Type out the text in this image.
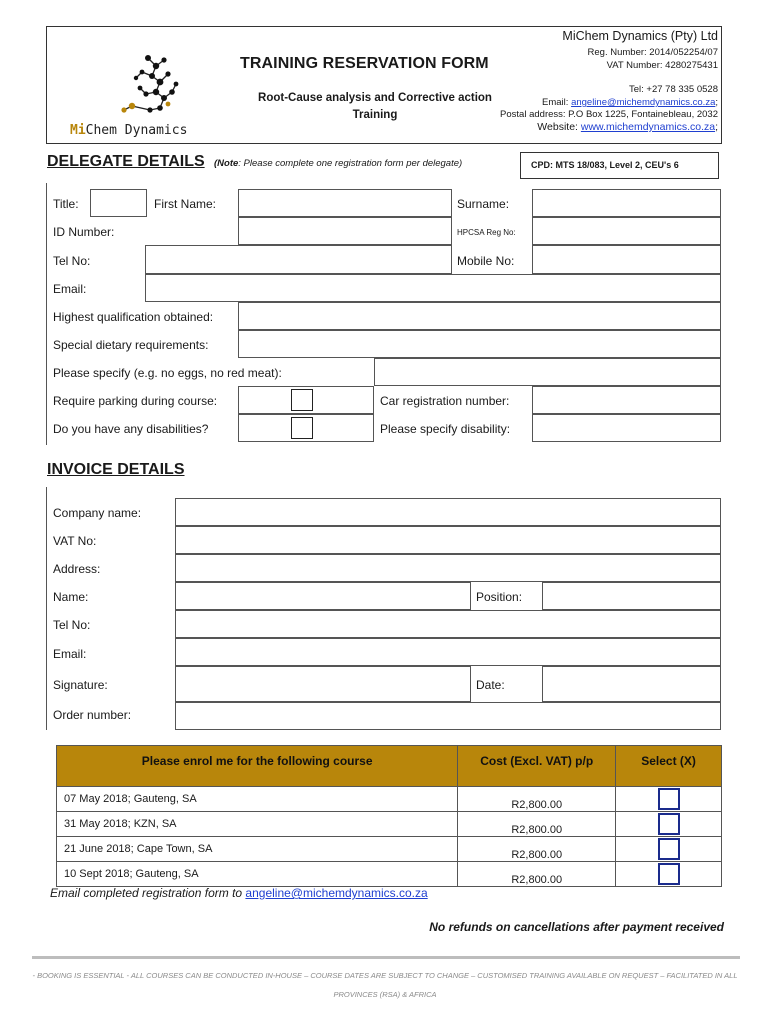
MiChem Dynamics
TRAINING RESERVATION FORM
Root-Cause analysis and Corrective action Training
MiChem Dynamics (Pty) Ltd
Reg. Number: 2014/052254/07
VAT Number: 4280275431
Tel: +27 78 335 0528
Email: angeline@michemdynamics.co.za;
Postal address: P.O Box 1225, Fontainebleau, 2032
Website: www.michemdynamics.co.za;
DELEGATE DETAILS (Note: Please complete one registration form per delegate)	CPD: MTS 18/083, Level 2, CEU's 6
Title:	First Name:	Surname:
ID Number:	HPCSA Reg No:
Tel No:	Mobile No:
Email:
Highest qualification obtained:
Special dietary requirements:
Please specify (e.g. no eggs, no red meat):
Require parking during course:	Car registration number:
Do you have any disabilities?	Please specify disability:
INVOICE DETAILS
Company name:
VAT No:
Address:
Name:	Position:
Tel No:
Email:
Signature:	Date:
Order number:
Please enrol me for the following course	Cost (Excl. VAT) p/p	Select (X)
07 May 2018; Gauteng, SA	R2,800.00	
31 May 2018; KZN, SA	R2,800.00	
21 June 2018; Cape Town, SA	R2,800.00	
10 Sept 2018; Gauteng, SA	R2,800.00	
Email completed registration form to angeline@michemdynamics.co.za
No refunds on cancellations after payment received
- BOOKING IS ESSENTIAL - ALL COURSES CAN BE CONDUCTED IN-HOUSE – COURSE DATES ARE SUBJECT TO CHANGE – CUSTOMISED TRAINING AVAILABLE ON REQUEST – FACILITATED IN ALL PROVINCES (RSA) & AFRICA
